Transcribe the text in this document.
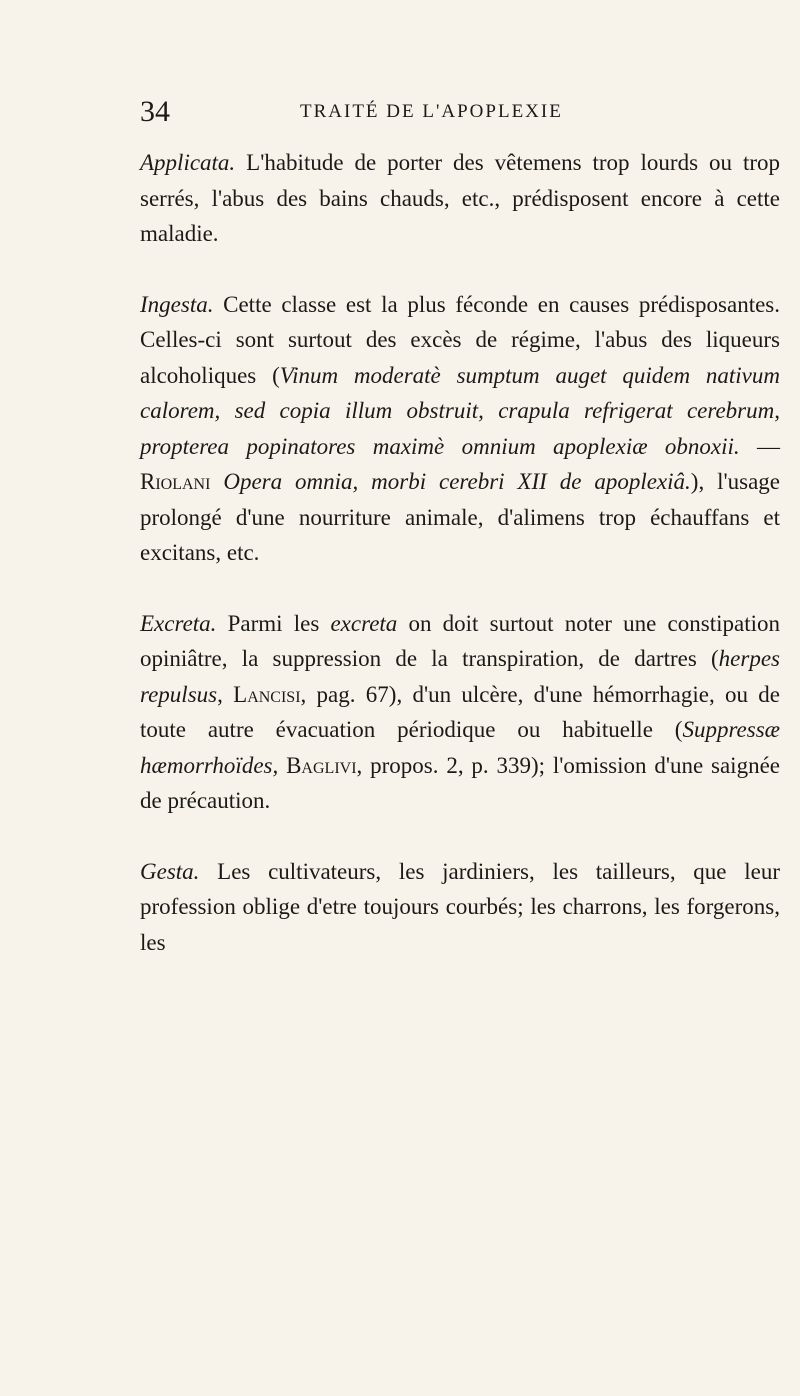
34	TRAITÉ DE L'APOPLEXIE

Applicata. L'habitude de porter des vêtemens trop lourds ou trop serrés, l'abus des bains chauds, etc., prédisposent encore à cette maladie.

Ingesta. Cette classe est la plus féconde en causes prédisposantes. Celles-ci sont surtout des excès de régime, l'abus des liqueurs alcoholiques (Vinum moderatè sumptum auget quidem nativum calorem, sed copia illum obstruit, crapula refrigerat cerebrum, propterea popinatores maximè omnium apoplexiæ obnoxii. — Riolani Opera omnia, morbi cerebri XII de apoplexiâ.), l'usage prolongé d'une nourriture animale, d'alimens trop échauffans et excitans, etc.

Excreta. Parmi les excreta on doit surtout noter une constipation opiniâtre, la suppression de la transpiration, de dartres (herpes repulsus, Lancisi, pag. 67), d'un ulcère, d'une hémorrhagie, ou de toute autre évacuation périodique ou habituelle (Suppressæ hæmorrhoïdes, Baglivi, propos. 2, p. 339); l'omission d'une saignée de précaution.

Gesta. Les cultivateurs, les jardiniers, les tailleurs, que leur profession oblige d'etre toujours courbés; les charrons, les forgerons, les
